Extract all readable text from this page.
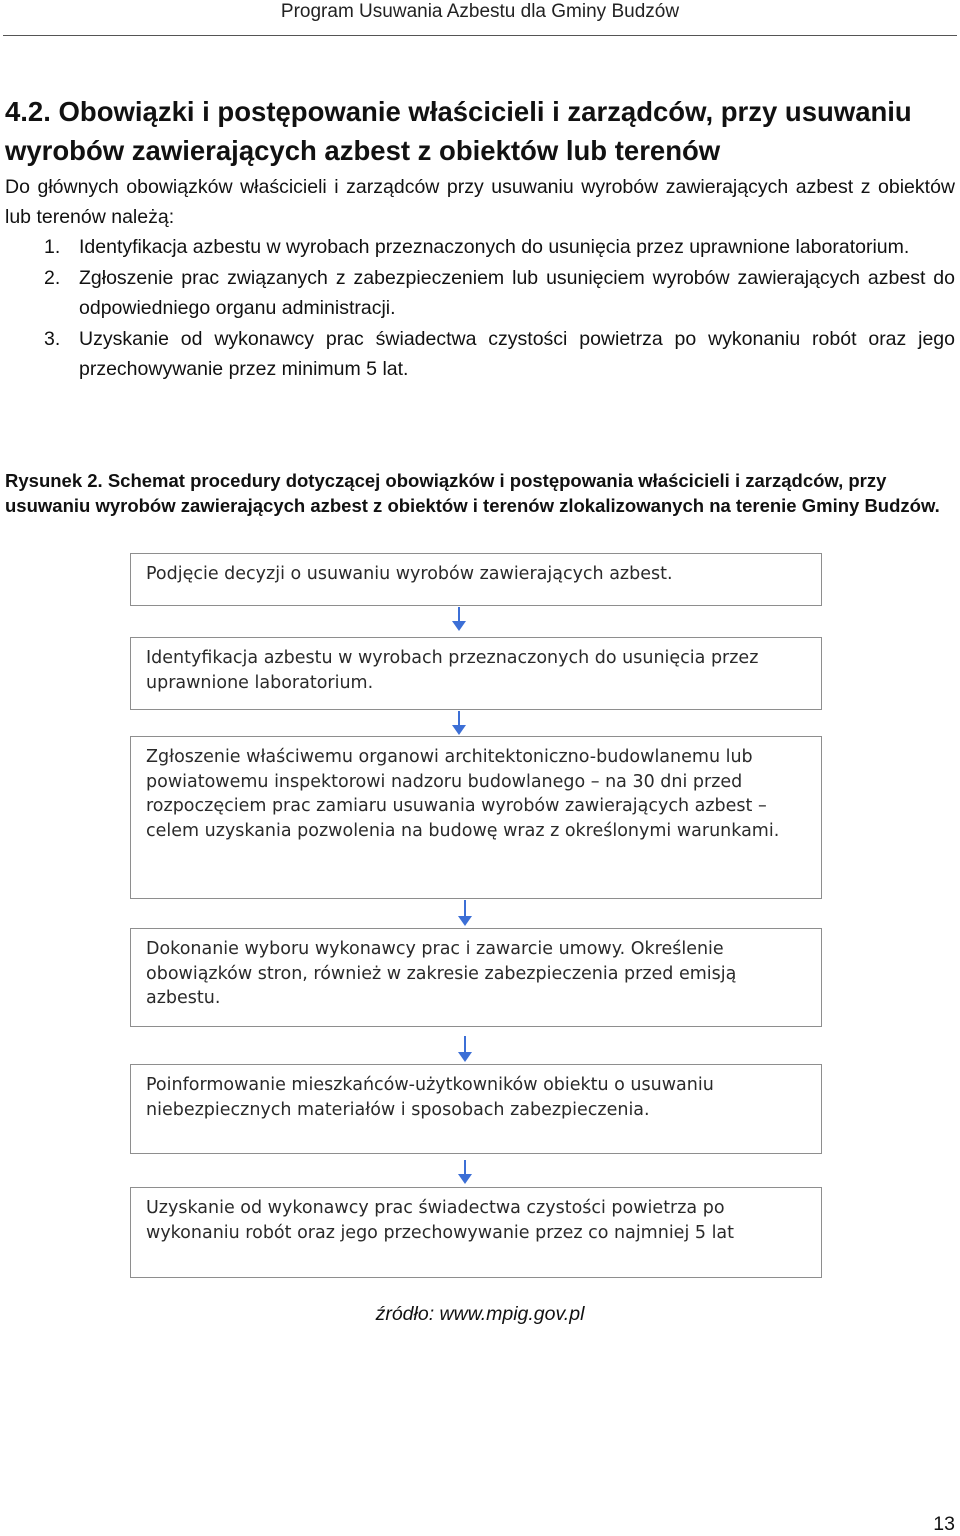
Program Usuwania Azbestu dla Gminy Budzów
4.2. Obowiązki i postępowanie właścicieli i zarządców, przy usuwaniu wyrobów zawierających azbest z obiektów lub terenów

Do głównych obowiązków właścicieli i zarządców przy usuwaniu wyrobów zawierających azbest z obiektów lub terenów należą:

1. Identyfikacja azbestu w wyrobach przeznaczonych do usunięcia przez uprawnione laboratorium.
2. Zgłoszenie prac związanych z zabezpieczeniem lub usunięciem wyrobów zawierających azbest do odpowiedniego organu administracji.
3. Uzyskanie od wykonawcy prac świadectwa czystości powietrza po wykonaniu robót oraz jego przechowywanie przez minimum 5 lat.

Rysunek 2. Schemat procedury dotyczącej obowiązków i postępowania właścicieli i zarządców, przy usuwaniu wyrobów zawierających azbest z obiektów i terenów zlokalizowanych na terenie Gminy Budzów.

Podjęcie decyzji o usuwaniu wyrobów zawierających azbest.
Identyfikacja azbestu w wyrobach przeznaczonych do usunięcia przez uprawnione laboratorium.
Zgłoszenie właściwemu organowi architektoniczno-budowlanemu lub powiatowemu inspektorowi nadzoru budowlanego – na 30 dni przed rozpoczęciem prac zamiaru usuwania wyrobów zawierających azbest – celem uzyskania pozwolenia na budowę wraz z określonymi warunkami.
Dokonanie wyboru wykonawcy prac i zawarcie umowy. Określenie obowiązków stron, również w zakresie zabezpieczenia przed emisją azbestu.
Poinformowanie mieszkańców-użytkowników obiektu o usuwaniu niebezpiecznych materiałów i sposobach zabezpieczenia.
Uzyskanie od wykonawcy prac świadectwa czystości powietrza po wykonaniu robót oraz jego przechowywanie przez co najmniej 5 lat
źródło: www.mpig.gov.pl
13
